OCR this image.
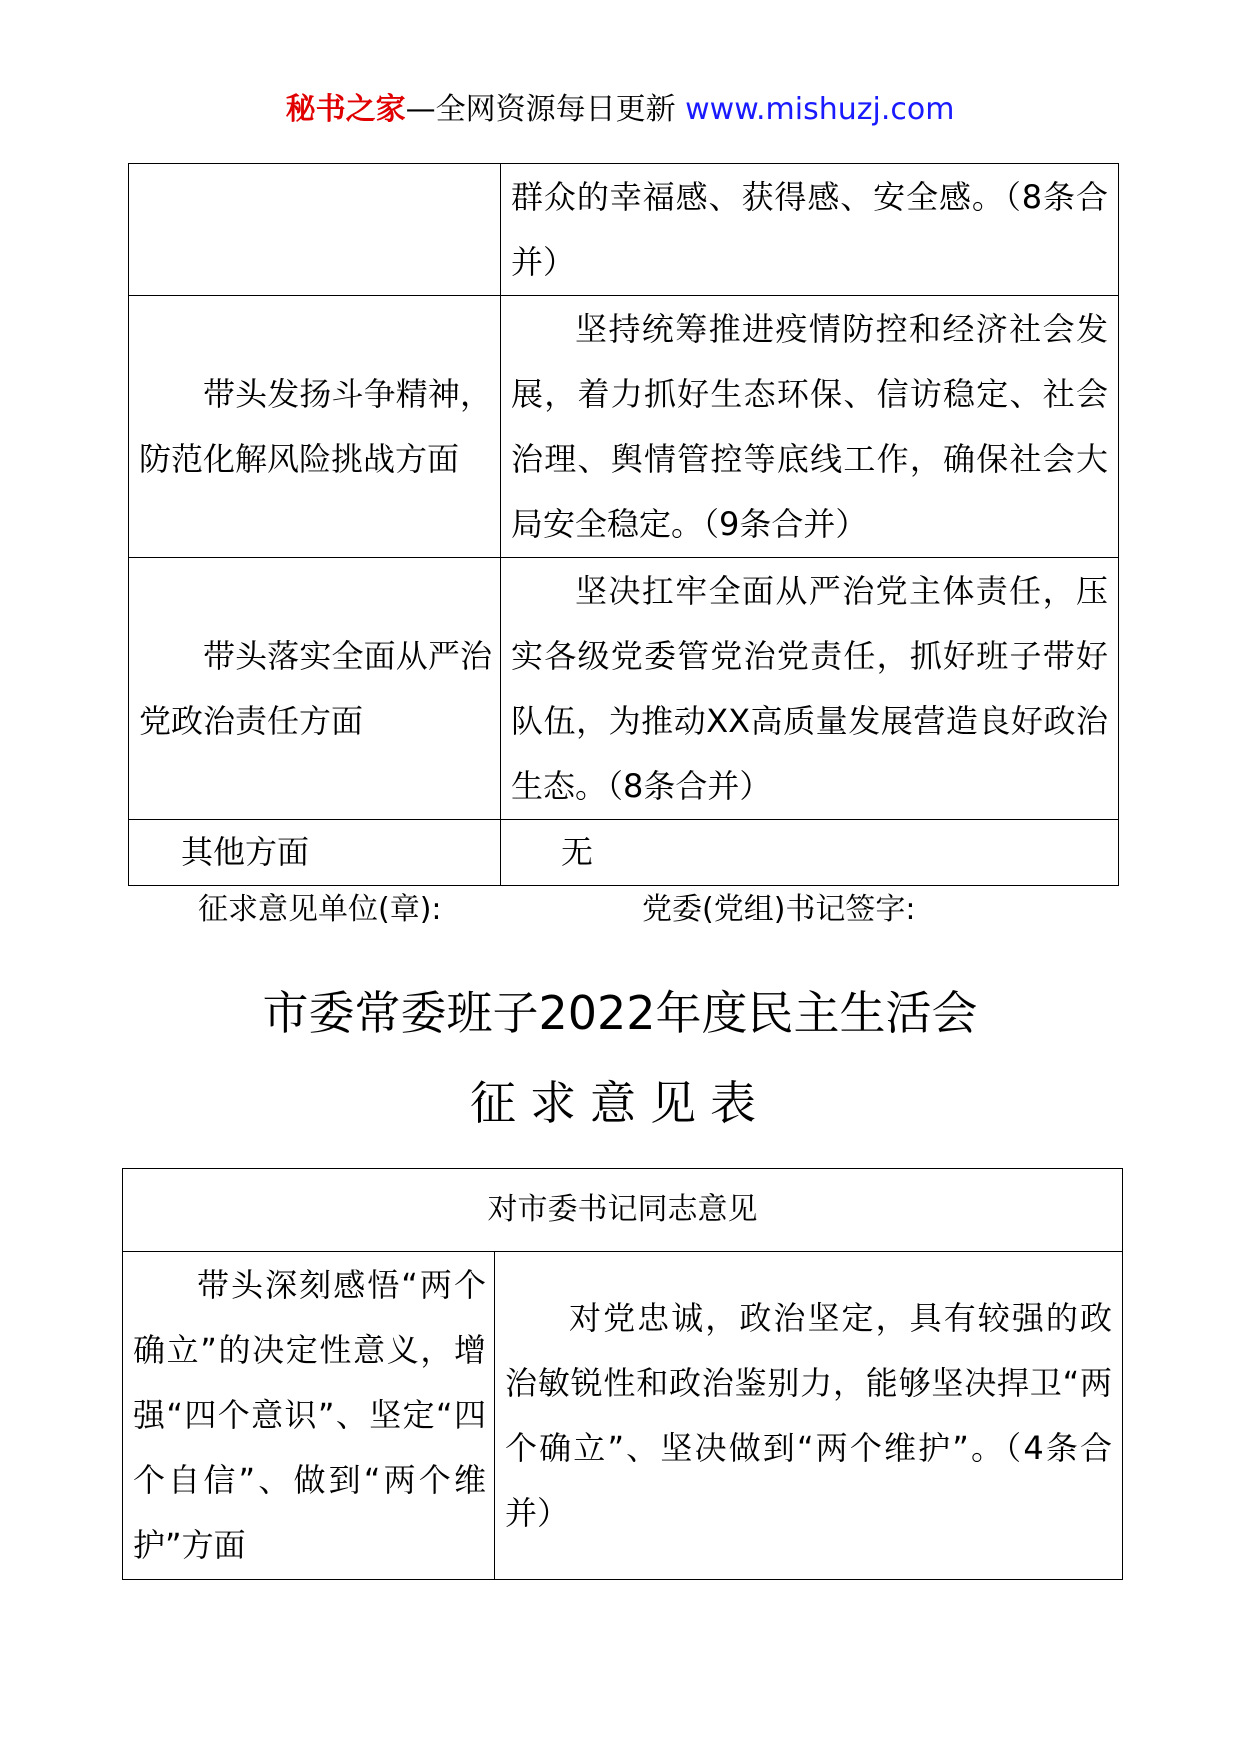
秘书之家—全网资源每日更新 www.mishuzj.com
	群众的幸福感、获得感、安全感。（8条合并）
带头发扬斗争精神，防范化解风险挑战方面	坚持统筹推进疫情防控和经济社会发展，着力抓好生态环保、信访稳定、社会治理、舆情管控等底线工作，确保社会大局安全稳定。（9条合并）
带头落实全面从严治党政治责任方面	坚决扛牢全面从严治党主体责任，压实各级党委管党治党责任，抓好班子带好队伍，为推动XX高质量发展营造良好政治生态。（8条合并）
其他方面	无
征求意见单位(章):	党委(党组)书记签字:
市委常委班子2022年度民主生活会
征求意见表
对市委书记同志意见
带头深刻感悟“两个确立”的决定性意义，增强“四个意识”、坚定“四个自信”、做到“两个维护”方面	对党忠诚，政治坚定，具有较强的政治敏锐性和政治鉴别力，能够坚决捍卫“两个确立”、坚决做到“两个维护”。（4条合并）
